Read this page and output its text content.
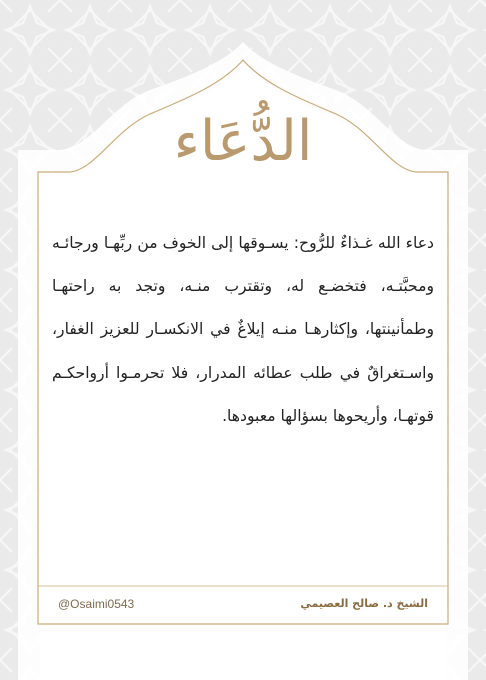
الدُّعَاء
دعاء الله غـذاءٌ للرُّوح: يسـوقها إلى الخوف من ربِّهـا ورجائـه ومحبَّتـه، فتخضـع له، وتقترب منـه، وتجد به راحتهـا وطمأنينتها، وإكثارهـا منـه إيلاغٌ في الانكسـار للعزيز الغفار، واسـتغراقٌ في طلب عطائه المدرار، فلا تحرمـوا أرواحكـم قوتهـا، وأريحوها بسؤالها معبودها.
@Osaimi0543	الشيخ د. صالح العصيمي
